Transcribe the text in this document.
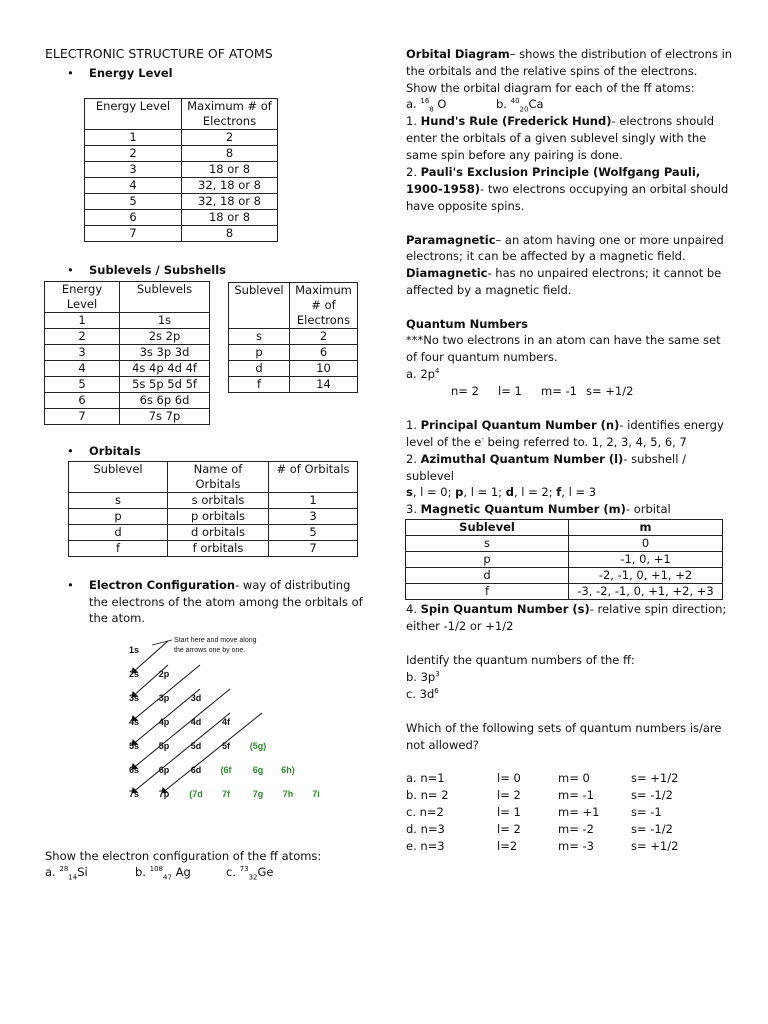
ELECTRONIC STRUCTURE OF ATOMS
• Energy Level
Energy Level	Maximum # of Electrons
1	2
2	8
3	18 or 8
4	32, 18 or 8
5	32, 18 or 8
6	18 or 8
7	8
• Sublevels / Subshells
Energy Level	Sublevels
1	1s
2	2s 2p
3	3s 3p 3d
4	4s 4p 4d 4f
5	5s 5p 5d 5f
6	6s 6p 6d
7	7s 7p
Sublevel	Maximum # of Electrons
s	2
p	6
d	10
f	14
• Orbitals
Sublevel	Name of Orbitals	# of Orbitals
s	s orbitals	1
p	p orbitals	3
d	d orbitals	5
f	f orbitals	7
• Electron Configuration- way of distributing
the electrons of the atom among the orbitals of
the atom.
1s
2s 2p
3s 3p 3d
4s 4p 4d 4f
5s 5p 5d 5f (5g)
6s 6p 6d (6f 6g 6h)
7s 7p (7d 7f	7g 7h 7i
Start here and move along
the arrows one by one.
Show the electron configuration of the ff atoms:
a. $^{28}_{14}$Si	b. $^{108}_{47}$ Ag	c. $^{73}_{32}$Ge
Orbital Diagram– shows the distribution of electrons in
the orbitals and the relative spins of the electrons.
Show the orbital diagram for each of the ff atoms:
a. $^{16}_8$ O	b. $^{40}_{20}$Ca
1. Hund's Rule (Frederick Hund)- electrons should
enter the orbitals of a given sublevel singly with the
same spin before any pairing is done.
2. Pauli's Exclusion Principle (Wolfgang Pauli,
1900-1958)- two electrons occupying an orbital should
have opposite spins.
Paramagnetic– an atom having one or more unpaired
electrons; it can be affected by a magnetic field.
Diamagnetic- has no unpaired electrons; it cannot be
affected by a magnetic field.
Quantum Numbers
***No two electrons in an atom can have the same set
of four quantum numbers.
a. $2p^4$
n= 2 l= 1 m= -1 s= +1/2
1. Principal Quantum Number (n)- identifies energy
level of the e- being referred to. 1, 2, 3, 4, 5, 6, 7
2. Azimuthal Quantum Number (l)- subshell /
sublevel
s, l = 0; p, l = 1; d, l = 2; f, l = 3
3. Magnetic Quantum Number (m)- orbital
Sublevel	m
s	0
p	-1, 0, +1
d	-2, -1, 0, +1, +2
f	-3, -2, -1, 0, +1, +2, +3
4. Spin Quantum Number (s)- relative spin direction;
either -1/2 or +1/2
Identify the quantum numbers of the ff:
b. $3p^3$
c. $3d^6$
Which of the following sets of quantum numbers is/are
not allowed?
a. n=1	l= 0	m= 0	s= +1/2
b. n= 2	l= 2	m= -1	s= -1/2
c. n=2	l= 1	m= +1	s= -1
d. n=3	l= 2	m= -2	s= -1/2
e. n=3	l=2	m= -3	s= +1/2
